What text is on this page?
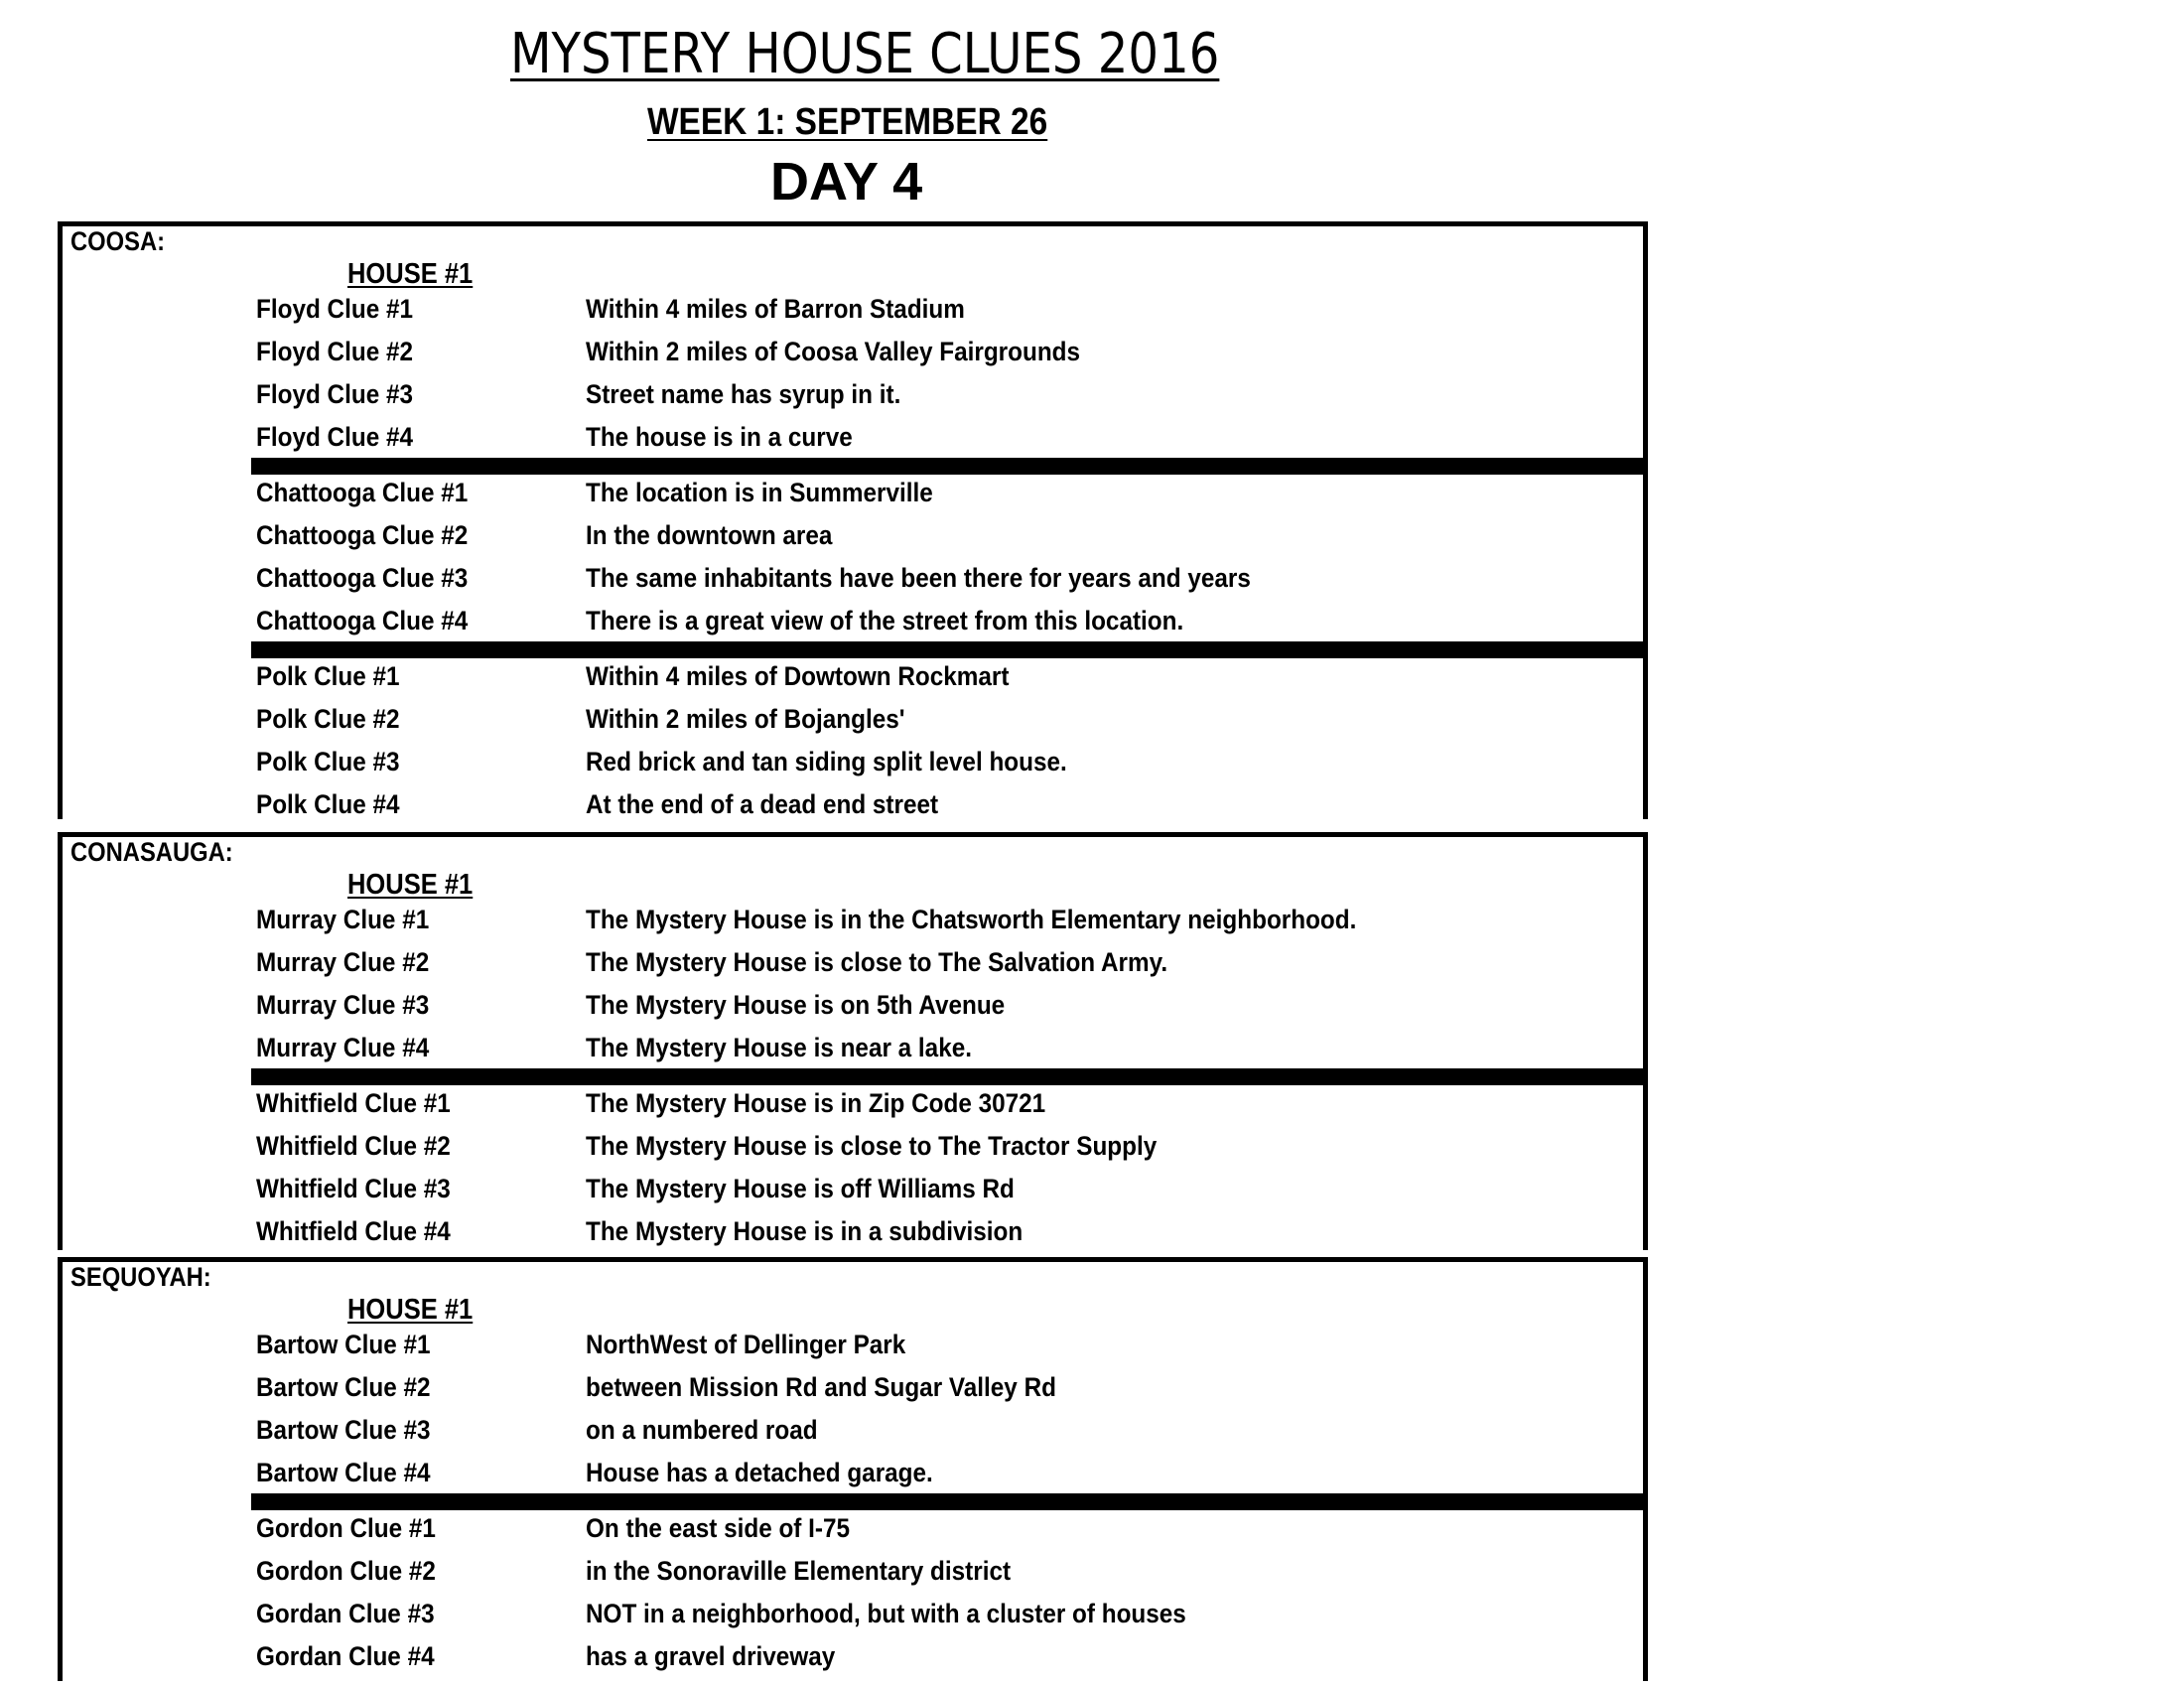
MYSTERY HOUSE CLUES 2016
WEEK 1: SEPTEMBER 26
DAY 4
COOSA:
HOUSE #1
Floyd Clue #1	Within 4 miles of Barron Stadium
Floyd Clue #2	Within 2 miles of Coosa Valley Fairgrounds
Floyd Clue #3	Street name has syrup in it.
Floyd Clue #4	The house is in a curve
Chattooga Clue #1	The location is in Summerville
Chattooga Clue #2	In the downtown area
Chattooga Clue #3	The same inhabitants have been there for years and years
Chattooga Clue #4	There is a great view of the street from this location.
Polk Clue #1	Within 4 miles of Dowtown Rockmart
Polk Clue #2	Within 2 miles of Bojangles'
Polk Clue #3	Red brick and tan siding split level house.
Polk Clue #4	At the end of a dead end street
CONASAUGA:
HOUSE #1
Murray Clue #1	The Mystery House is in the Chatsworth Elementary neighborhood.
Murray Clue #2	The Mystery House is close to The Salvation Army.
Murray Clue #3	The Mystery House is on 5th Avenue
Murray Clue #4	The Mystery House is near a lake.
Whitfield Clue #1	The Mystery House is in Zip Code 30721
Whitfield Clue #2	The Mystery House is close to The Tractor Supply
Whitfield Clue #3	The Mystery House is off Williams Rd
Whitfield Clue #4	The Mystery House is in a subdivision
SEQUOYAH:
HOUSE #1
Bartow Clue #1	NorthWest of Dellinger Park
Bartow Clue #2	between Mission Rd and Sugar Valley Rd
Bartow Clue #3	on a numbered road
Bartow Clue #4	House has a detached garage.
Gordon Clue #1	On the east side of I-75
Gordon Clue #2	in the Sonoraville Elementary district
Gordan Clue #3	NOT in a neighborhood, but with a cluster of houses
Gordan Clue #4	has a gravel driveway
